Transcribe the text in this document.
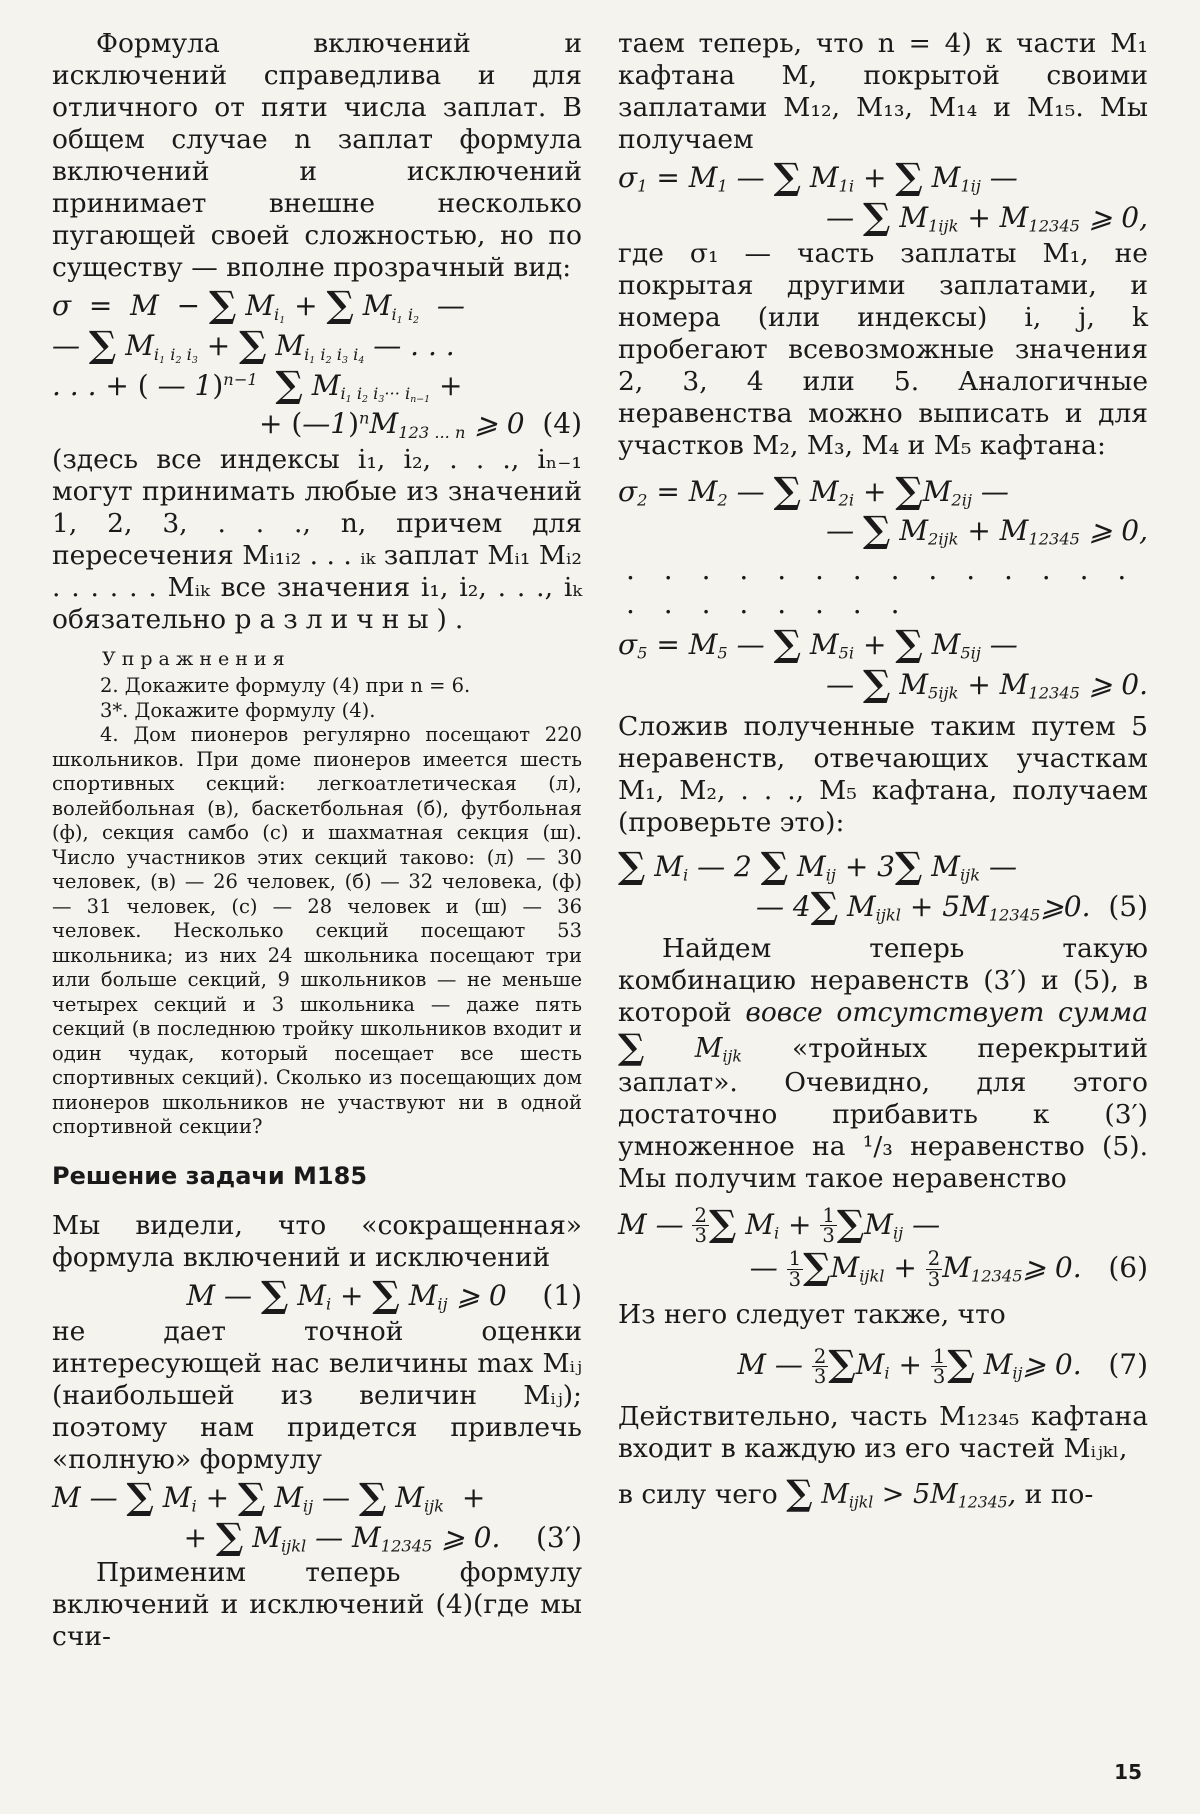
Формула включений и исключений справедлива и для отличного от пяти числа заплат. В общем случае n заплат формула включений и исключений принимает внешне несколько пугающей своей сложностью, но по существу — вполне прозрачный вид:

σ  =  M  − ∑ $M_{i_1}$ + ∑ $M_{i_1 i_2}$  —
— ∑ $M_{i_1 i_2 i_3}$ + ∑ $M_{i_1 i_2 i_3 i_4}$ — . . .
. . . + ( — 1)$^{n-1}$ ∑ $M_{i_1 i_2 i_3\cdot\cdot\cdot i_{n-1}}$ +
+ $(—1)^nM_{123 ... n}$ ⩾ 0  (4)

(здесь все индексы i₁, i₂, . . ., iₙ₋₁ могут принимать любые из значений 1, 2, 3, . . ., n, причем для пересечения Mᵢ₁ᵢ₂ . . . ᵢₖ заплат Mᵢ₁ Mᵢ₂ . . . . . . Mᵢₖ все значения i₁, i₂, . . ., iₖ обязательно различны).

Упражнения

2. Докажите формулу (4) при n = 6.

3*. Докажите формулу (4).

4. Дом пионеров регулярно посещают 220 школьников. При доме пионеров имеется шесть спортивных секций: легкоатлетическая (л), волейбольная (в), баскетбольная (б), футбольная (ф), секция самбо (с) и шахматная секция (ш). Число участников этих секций таково: (л) — 30 человек, (в) — 26 человек, (б) — 32 человека, (ф) — 31 человек, (с) — 28 человек и (ш) — 36 человек. Несколько секций посещают 53 школьника; из них 24 школьника посещают три или больше секций, 9 школьников — не меньше четырех секций и 3 школьника — даже пять секций (в последнюю тройку школьников входит и один чудак, который посещает все шесть спортивных секций). Сколько из посещающих дом пионеров школьников не участвуют ни в одной спортивной секции?

Решение задачи М185

Мы видели, что «сокращенная» формула включений и исключений

M — ∑ $M_i$ + ∑ $M_{ij}$ ⩾ 0    (1)

не дает точной оценки интересующей нас величины max Mᵢⱼ (наибольшей из величин Mᵢⱼ); поэтому нам придется привлечь «полную» формулу

M — ∑ $M_i$ + ∑ $M_{ij}$ — ∑ $M_{ijk}$  +
+ ∑ $M_{ijkl}$ — $M_{12345}$ ⩾ 0.    (3′)

Применим теперь формулу включений и исключений (4)(где мы счи-

таем теперь, что n = 4) к части M₁ кафтана M, покрытой своими заплатами M₁₂, M₁₃, M₁₄ и M₁₅. Мы получаем

$\sigma_1 = M_1$ — ∑ $M_{1i}$ + ∑ $M_{1ij}$ —
— ∑ $M_{1ijk} + M_{12345}$ ⩾ 0,

где σ₁ — часть заплаты M₁, не покрытая другими заплатами, и номера (или индексы) i, j, k пробегают всевозможные значения 2, 3, 4 или 5. Аналогичные неравенства можно выписать и для участков M₂, M₃, M₄ и M₅ кафтана:

$\sigma_2 = M_2$ — ∑ $M_{2i} + \sum M_{2ij}$ —
— ∑ $M_{2ijk} + M_{12345}$ ⩾ 0,
. . . . . . . . . . . . . . . . . . . . . .
$\sigma_5 = M_5$ — ∑ $M_{5i}$ + ∑ $M_{5ij}$ —
— ∑ $M_{5ijk} + M_{12345}$ ⩾ 0.

Сложив полученные таким путем 5 неравенств, отвечающих участкам M₁, M₂, . . ., M₅ кафтана, получаем (проверьте это):

∑ $M_i$ — 2 ∑ $M_{ij} + 3\sum$ $M_{ijk}$ —
— 4∑ $M_{ijkl}$ + $5M_{12345}⩾0$.  (5)

Найдем теперь такую комбинацию неравенств (3′) и (5), в которой вовсе отсутствует сумма ∑ $M_{ijk}$ «тройных перекрытий заплат». Очевидно, для этого достаточно прибавить к (3′) умноженное на ¹/₃ неравенство (5). Мы получим такое неравенство

M — $\frac{2}{3}$ ∑ $M_i + \frac{1}{3} \sum M_{ij}$ —
— $\frac{1}{3} \sum M_{ijkl} + \frac{2}{3}$ $M_{12345}⩾$ 0.   (6)

Из него следует также, что

M — $\frac{2}{3} \sum M_i + \frac{1}{3}$ ∑ $M_{ij}⩾$ 0.   (7)

Действительно, часть M₁₂₃₄₅ кафтана входит в каждую из его частей Mᵢⱼₖₗ,

в силу чего ∑ $M_{ijkl} > 5M_{12345}$, и по-

15
